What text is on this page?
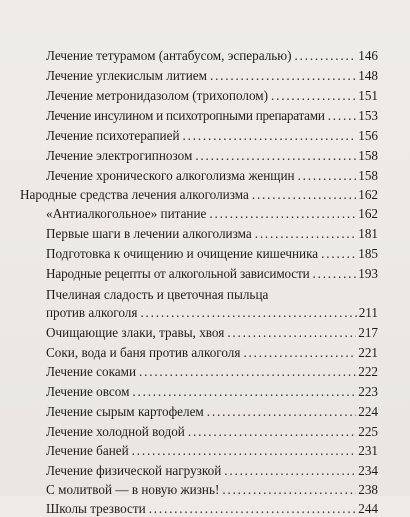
Лечение тетурамом (антабусом, эспералью) . . .	146
Лечение углекислым литием . . .	148
Лечение метронидазолом (трихополом) . . .	151
Лечение инсулином и психотропными препаратами . . .	153
Лечение психотерапией . . .	156
Лечение электрогипнозом . . .	158
Лечение хронического алкоголизма женщин . . .	158
Народные средства лечения алкоголизма . . .	162
«Антиалкогольное» питание . . .	162
Первые шаги в лечении алкоголизма . . .	181
Подготовка к очищению и очищение кишечника . . .	185
Народные рецепты от алкогольной зависимости . . .	193
Пчелиная сладость и цветочная пыльца
против алкоголя . . .	211
Очищающие злаки, травы, хвоя . . .	217
Соки, вода и баня против алкоголя . . .	221
Лечение соками . . .	222
Лечение овсом . . .	223
Лечение сырым картофелем . . .	224
Лечение холодной водой . . .	225
Лечение баней . . .	231
Лечение физической нагрузкой . . .	234
С молитвой — в новую жизнь! . . .	238
Школы трезвости . . .	244
